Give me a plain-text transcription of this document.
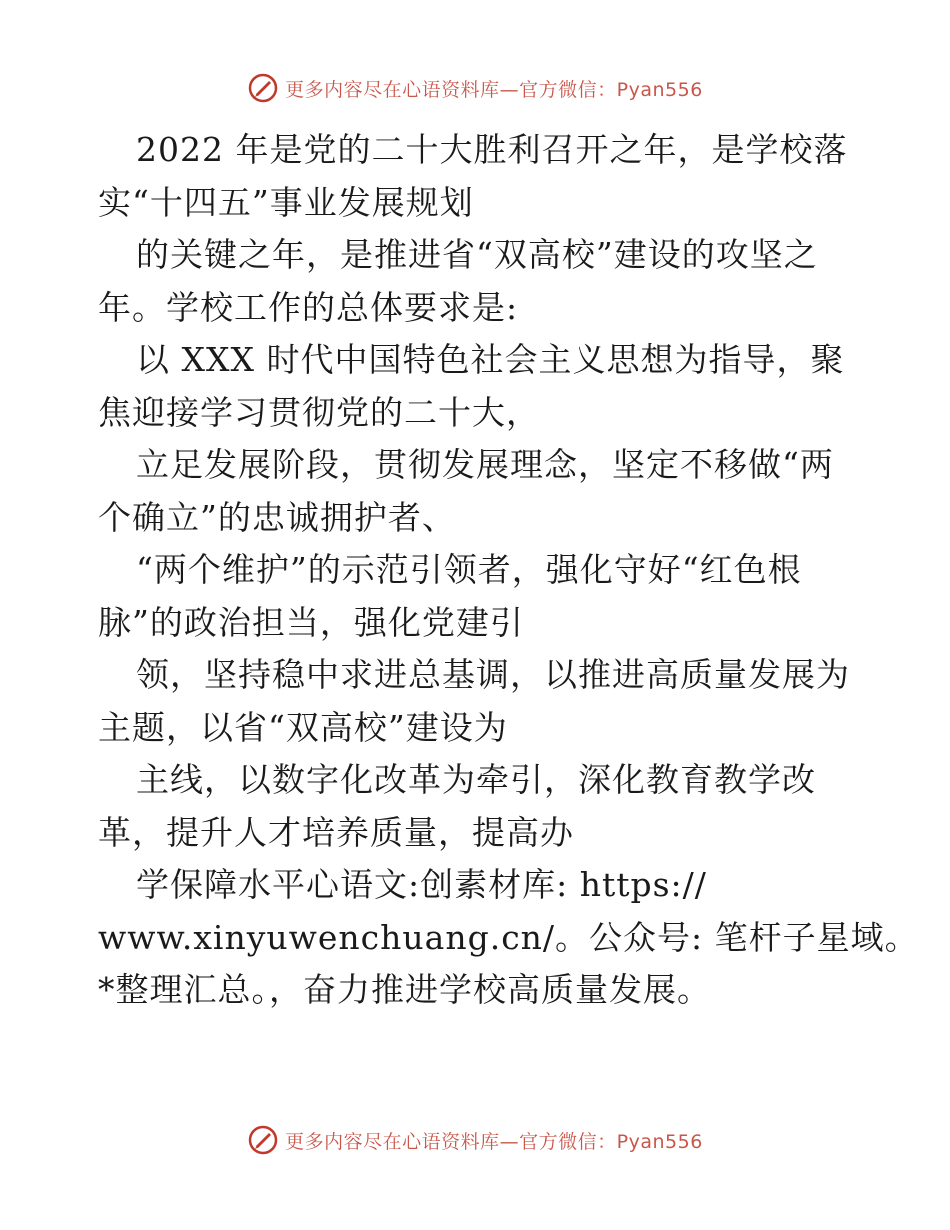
更多内容尽在心语资料库—官方微信：Pyan556
2022 年是党的二十大胜利召开之年，是学校落
实“十四五”事业发展规划
的关键之年，是推进省“双高校”建设的攻坚之
年。学校工作的总体要求是:
以 XXX 时代中国特色社会主义思想为指导，聚
焦迎接学习贯彻党的二十大，
立足发展阶段，贯彻发展理念，坚定不移做“两
个确立”的忠诚拥护者、
“两个维护”的示范引领者，强化守好“红色根
脉”的政治担当，强化党建引
领，坚持稳中求进总基调，以推进高质量发展为
主题，以省“双高校”建设为
主线，以数字化改革为牵引，深化教育教学改
革，提升人才培养质量，提高办
学保障水平心语文:创素材库: https://
www.xinyuwenchuang.cn/。公众号: 笔杆子星域。
*整理汇总。，奋力推进学校高质量发展。
更多内容尽在心语资料库—官方微信：Pyan556
